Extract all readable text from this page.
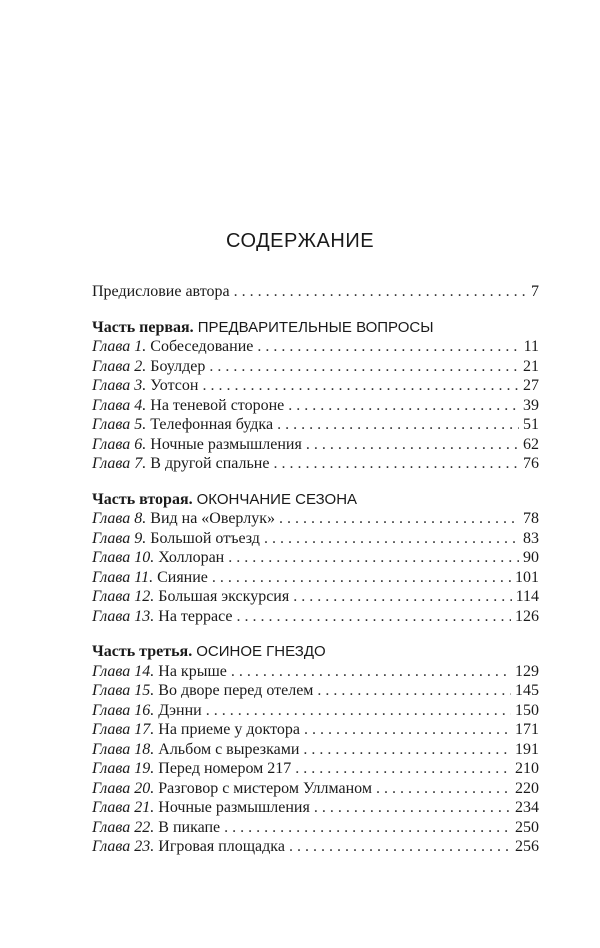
СОДЕРЖАНИЕ
Предисловие автора . . .	7
Часть первая. ПРЕДВАРИТЕЛЬНЫЕ ВОПРОСЫ
Глава 1. Собеседование . . .	11
Глава 2. Боулдер . . .	21
Глава 3. Уотсон . . .	27
Глава 4. На теневой стороне . . .	39
Глава 5. Телефонная будка . . .	51
Глава 6. Ночные размышления . . .	62
Глава 7. В другой спальне . . .	76
Часть вторая. ОКОНЧАНИЕ СЕЗОНА
Глава 8. Вид на «Оверлук» . . .	78
Глава 9. Большой отъезд . . .	83
Глава 10. Холлоран . . .	90
Глава 11. Сияние . . .	101
Глава 12. Большая экскурсия . . .	114
Глава 13. На террасе . . .	126
Часть третья. ОСИНОЕ ГНЕЗДО
Глава 14. На крыше . . .	129
Глава 15. Во дворе перед отелем . . .	145
Глава 16. Дэнни . . .	150
Глава 17. На приеме у доктора . . .	171
Глава 18. Альбом с вырезками . . .	191
Глава 19. Перед номером 217 . . .	210
Глава 20. Разговор с мистером Уллманом . . .	220
Глава 21. Ночные размышления . . .	234
Глава 22. В пикапе . . .	250
Глава 23. Игровая площадка . . .	256
